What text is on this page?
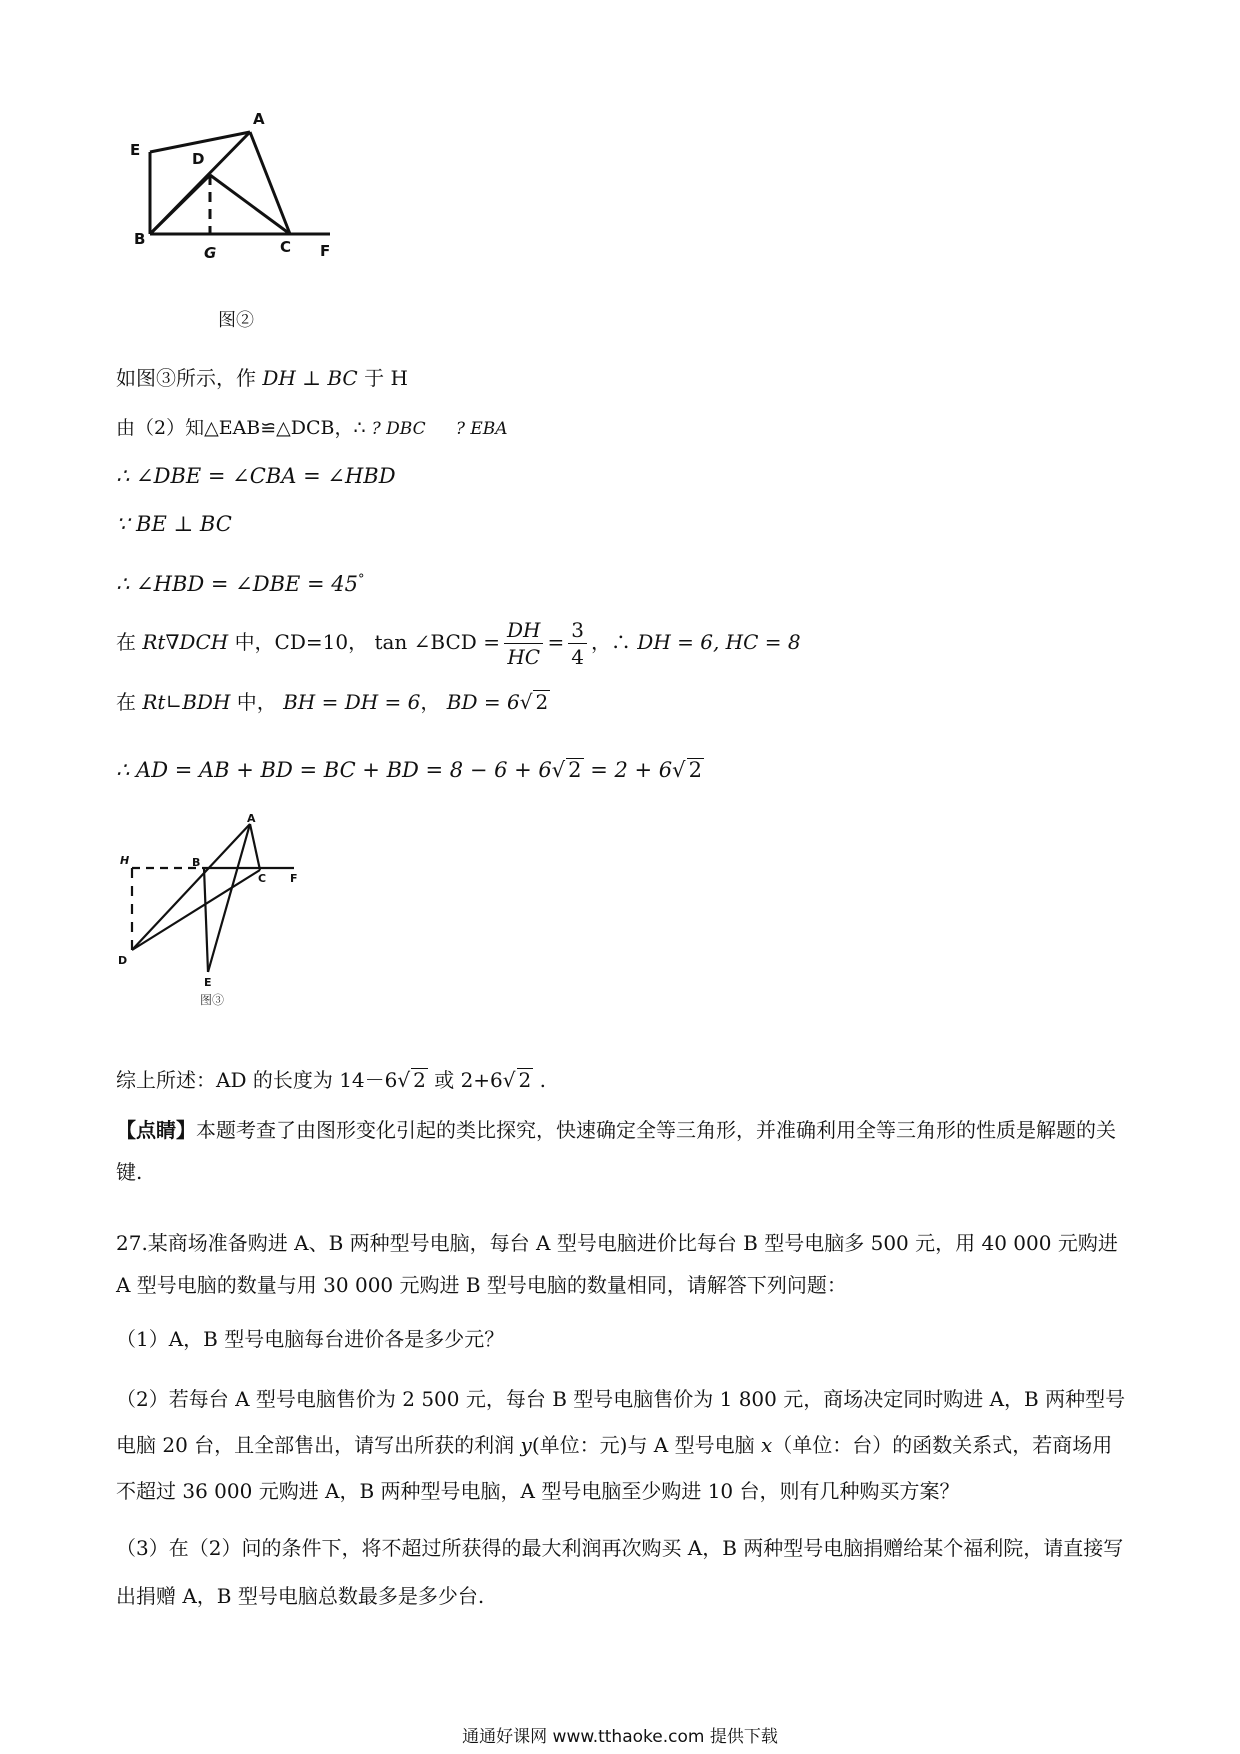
E
A
D
B
G	C F
图②
如图③所示，作 DH ⊥ BC 于 H
由（2）知△EAB≌△DCB，∴ ? DBC ? EBA
∴ ∠DBE = ∠CBA = ∠HBD
∵ BE ⊥ BC
∴ ∠HBD = ∠DBE = 45°
在 Rt∇DCH 中，CD=10， tan ∠BCD = $\frac{DH}{HC} = \frac{3}{4}$ ，∴ DH = 6, HC = 8
在 Rt∟BDH 中， BH = DH = 6， BD = 6√ 2
∴ AD = AB + BD = BC + BD = 8 − 6 + 6√ 2 = 2 + 6√ 2
H
A
B
C F
D
E
图③
综上所述：AD 的长度为 14－6√ 2 或 2+6√ 2 .
【点睛】本题考查了由图形变化引起的类比探究，快速确定全等三角形，并准确利用全等三角形的性质是解题的关键.
27.某商场准备购进 A、B 两种型号电脑，每台 A 型号电脑进价比每台 B 型号电脑多 500 元，用 40 000 元购进 A 型号电脑的数量与用 30 000 元购进 B 型号电脑的数量相同，请解答下列问题：
（1）A，B 型号电脑每台进价各是多少元？
（2）若每台 A 型号电脑售价为 2 500 元，每台 B 型号电脑售价为 1 800 元，商场决定同时购进 A，B 两种型号电脑 20 台，且全部售出，请写出所获的利润 y(单位：元)与 A 型号电脑 x（单位：台）的函数关系式，若商场用不超过 36 000 元购进 A，B 两种型号电脑，A 型号电脑至少购进 10 台，则有几种购买方案？
（3）在（2）问的条件下，将不超过所获得的最大利润再次购买 A，B 两种型号电脑捐赠给某个福利院，请直接写出捐赠 A，B 型号电脑总数最多是多少台.
通通好课网 www.tthaoke.com 提供下载
